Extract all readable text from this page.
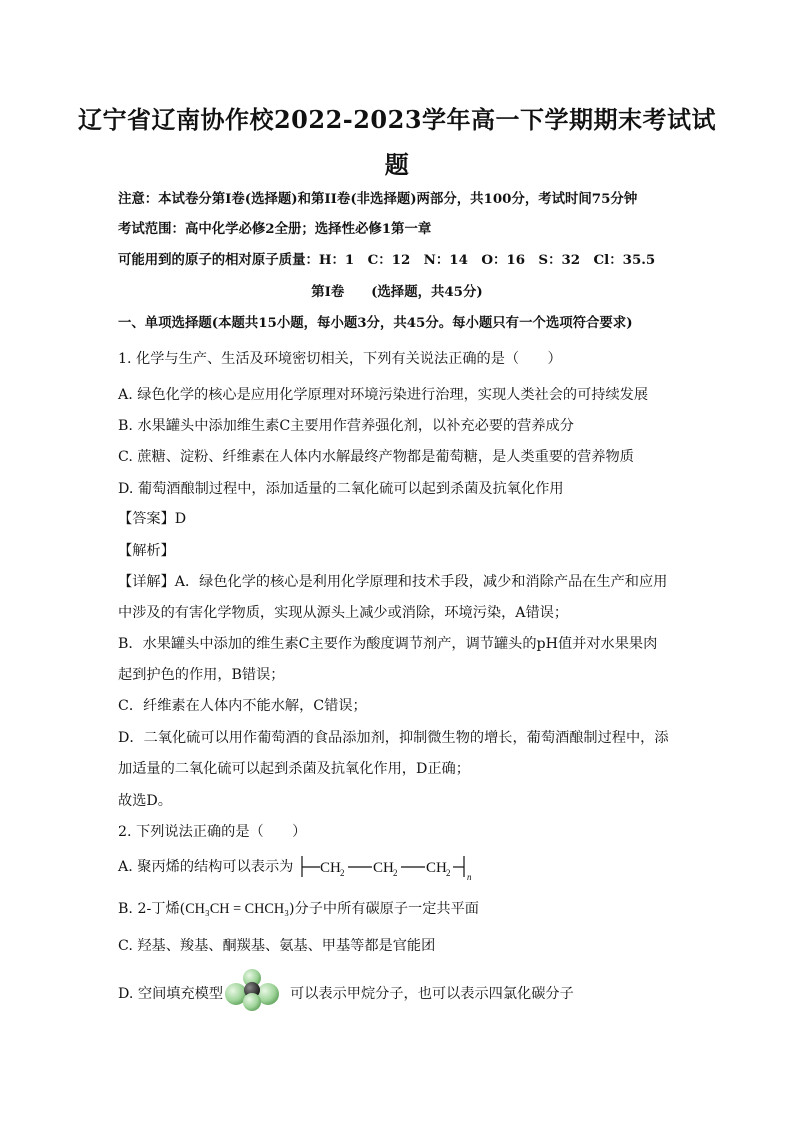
辽宁省辽南协作校2022-2023学年高一下学期期末考试试
题
注意：本试卷分第I卷(选择题)和第II卷(非选择题)两部分，共100分，考试时间75分钟
考试范围：高中化学必修2全册；选择性必修1第一章
可能用到的原子的相对原子质量：H：1　C：12　N：14　O：16　S：32　Cl：35.5
第I卷　　(选择题，共45分)
一、单项选择题(本题共15小题，每小题3分，共45分。每小题只有一个选项符合要求)
1. 化学与生产、生活及环境密切相关，下列有关说法正确的是（　　）
A. 绿色化学的核心是应用化学原理对环境污染进行治理，实现人类社会的可持续发展
B. 水果罐头中添加维生素C主要用作营养强化剂，以补充必要的营养成分
C. 蔗糖、淀粉、纤维素在人体内水解最终产物都是葡萄糖，是人类重要的营养物质
D. 葡萄酒酿制过程中，添加适量的二氧化硫可以起到杀菌及抗氧化作用
【答案】D
【解析】
【详解】A．绿色化学的核心是利用化学原理和技术手段，减少和消除产品在生产和应用
中涉及的有害化学物质，实现从源头上减少或消除，环境污染，A错误；
B．水果罐头中添加的维生素C主要作为酸度调节剂产，调节罐头的pH值并对水果果肉
起到护色的作用，B错误；
C．纤维素在人体内不能水解，C错误；
D．二氧化硫可以用作葡萄酒的食品添加剂，抑制微生物的增长，葡萄酒酿制过程中，添
加适量的二氧化硫可以起到杀菌及抗氧化作用，D正确；
故选D。
2. 下列说法正确的是（　　）
A. 聚丙烯的结构可以表示为 CH 2 CH 2 CH 2 n
B. 2-丁烯(CH₃CH = CHCH₃)分子中所有碳原子一定共平面
C. 羟基、羧基、酮羰基、氨基、甲基等都是官能团
D. 空间填充模型	可以表示甲烷分子，也可以表示四氯化碳分子
